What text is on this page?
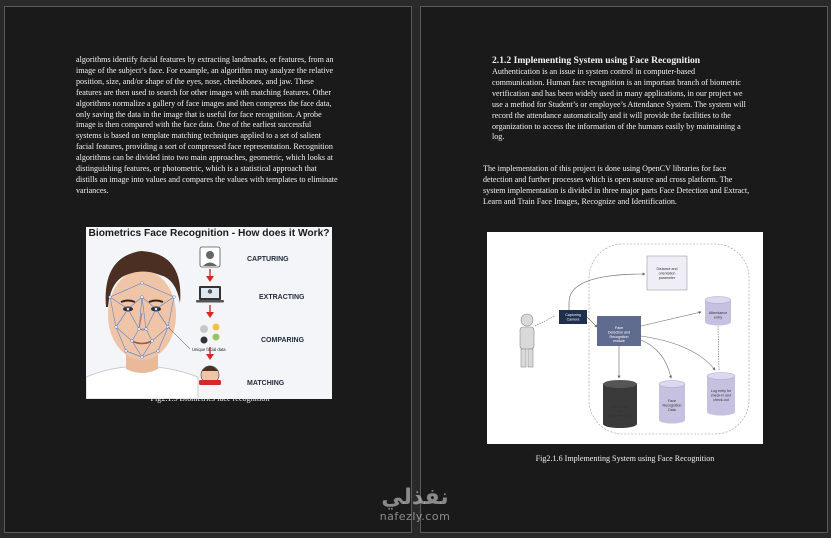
algorithms identify facial features by extracting landmarks, or features, from an image of the subject’s face. For example, an algorithm may analyze the relative position, size, and/or shape of the eyes, nose, cheekbones, and jaw. These features are then used to search for other images with matching features. Other algorithms normalize a gallery of face images and then compress the face data, only saving the data in the image that is useful for face recognition. A probe image is then compared with the face data. One of the earliest successful systems is based on template matching techniques applied to a set of salient facial features, providing a sort of compressed face representation. Recognition algorithms can be divided into two main approaches, geometric, which looks at distinguishing features, or photometric, which is a statistical approach that distills an image into values and compares the values with templates to eliminate variances.

Biometrics Face Recognition - How does it Work?
Unique facial data
CAPTURING
EXTRACTING
COMPARING
MATCHING
Fig2.1.5 Biometrics face recognition
2.1.2 Implementing System using Face Recognition

Authentication is an issue in system control in computer-based communication. Human face recognition is an important branch of biometric verification and has been widely used in many applications, in our project we use a method for Student’s or employee’s Attendance System. The system will record the attendance automatically and it will provide the facilities to the organization to access the information of the humans easily by maintaining a log.

The implementation of this project is done using OpenCV libraries for face detection and further processes which is open source and cross platform. The system implementation is divided in three major parts Face Detection and Extract, Learn and Train Face Images, Recognize and Identification.

Capturing Camera
Distance and orientation parameter
Face Detection and Recognition module
Attendance entry
Face Image and Individual ID
Face Recognition Data
Log entry for check-in and check-out
Fig2.1.6 Implementing System using Face Recognition
نفذلي
nafezly.com
